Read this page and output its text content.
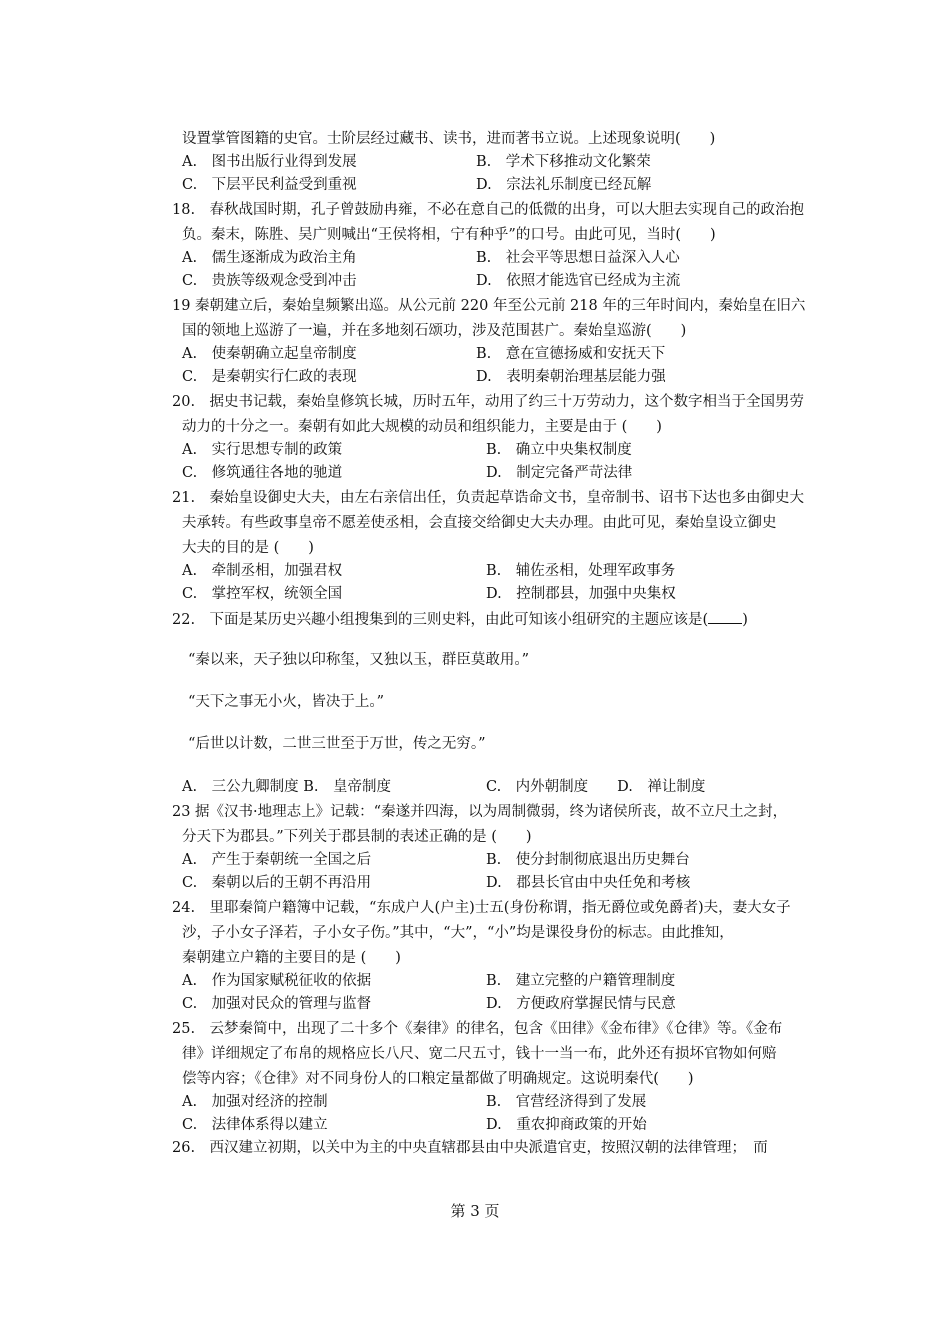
设置掌管图籍的史官。士阶层经过藏书、读书，进而著书立说。上述现象说明(　　)
A.　图书出版行业得到发展	B.　学术下移推动文化繁荣
C.　下层平民利益受到重视	D.　宗法礼乐制度已经瓦解
18.　春秋战国时期，孔子曾鼓励冉雍，不必在意自己的低微的出身，可以大胆去实现自己的政治抱
负。秦末，陈胜、吴广则喊出“王侯将相，宁有种乎”的口号。由此可见，当时(　　)
A.　儒生逐渐成为政治主角	B.　社会平等思想日益深入人心
C.　贵族等级观念受到冲击	D.　依照才能选官已经成为主流
19 秦朝建立后，秦始皇频繁出巡。从公元前 220 年至公元前 218 年的三年时间内，秦始皇在旧六
国的领地上巡游了一遍，并在多地刻石颂功，涉及范围甚广。秦始皇巡游(　　)
A.　使秦朝确立起皇帝制度	B.　意在宣德扬威和安抚天下
C.　是秦朝实行仁政的表现	D.　表明秦朝治理基层能力强
20.　据史书记载，秦始皇修筑长城，历时五年，动用了约三十万劳动力，这个数字相当于全国男劳
动力的十分之一。秦朝有如此大规模的动员和组织能力，主要是由于 (　　)
A.　实行思想专制的政策	B.　确立中央集权制度
C.　修筑通往各地的驰道	D.　制定完备严苛法律
21.　秦始皇设御史大夫，由左右亲信出任，负责起草诰命文书，皇帝制书、诏书下达也多由御史大
夫承转。有些政事皇帝不愿差使丞相，会直接交给御史大夫办理。由此可见，秦始皇设立御史
大夫的目的是 (　　)
A.　牵制丞相，加强君权	B.　辅佐丞相，处理军政事务
C.　掌控军权，统领全国	D.　控制郡县，加强中央集权
“秦以来，天子独以印称玺，又独以玉，群臣莫敢用。”
“天下之事无小火，皆决于上。”
“后世以计数，二世三世至于万世，传之无穷。”
A.　三公九卿制度 B.　皇帝制度	C.　内外朝制度　　D.　禅让制度
23 据《汉书·地理志上》记载：“秦遂并四海，以为周制微弱，终为诸侯所丧，故不立尺土之封，
分天下为郡县。”下列关于郡县制的表述正确的是 (　　)
A.　产生于秦朝统一全国之后	B.　使分封制彻底退出历史舞台
C.　秦朝以后的王朝不再沿用	D.　郡县长官由中央任免和考核
24.　里耶秦简户籍簿中记载，“东成户人(户主)士五(身份称谓，指无爵位或免爵者)夫，妻大女子
沙，子小女子泽若，子小女子伤。”其中，“大”，“小”均是课役身份的标志。由此推知，
秦朝建立户籍的主要目的是 (　　)
A.　作为国家赋税征收的依据	B.　建立完整的户籍管理制度
C.　加强对民众的管理与监督	D.　方便政府掌握民情与民意
25.　云梦秦简中，出现了二十多个《秦律》的律名，包含《田律》《金布律》《仓律》等。《金布
律》详细规定了布帛的规格应长八尺、宽二尺五寸，钱十一当一布，此外还有损坏官物如何赔
偿等内容；《仓律》对不同身份人的口粮定量都做了明确规定。这说明秦代(　　)
A.　加强对经济的控制	B.　官营经济得到了发展
C.　法律体系得以建立	D.　重农抑商政策的开始
26.　西汉建立初期，以关中为主的中央直辖郡县由中央派遣官吏，按照汉朝的法律管理；　而
22.　下面是某历史兴趣小组搜集到的三则史料，由此可知该小组研究的主题应该是( )
第 3 页
